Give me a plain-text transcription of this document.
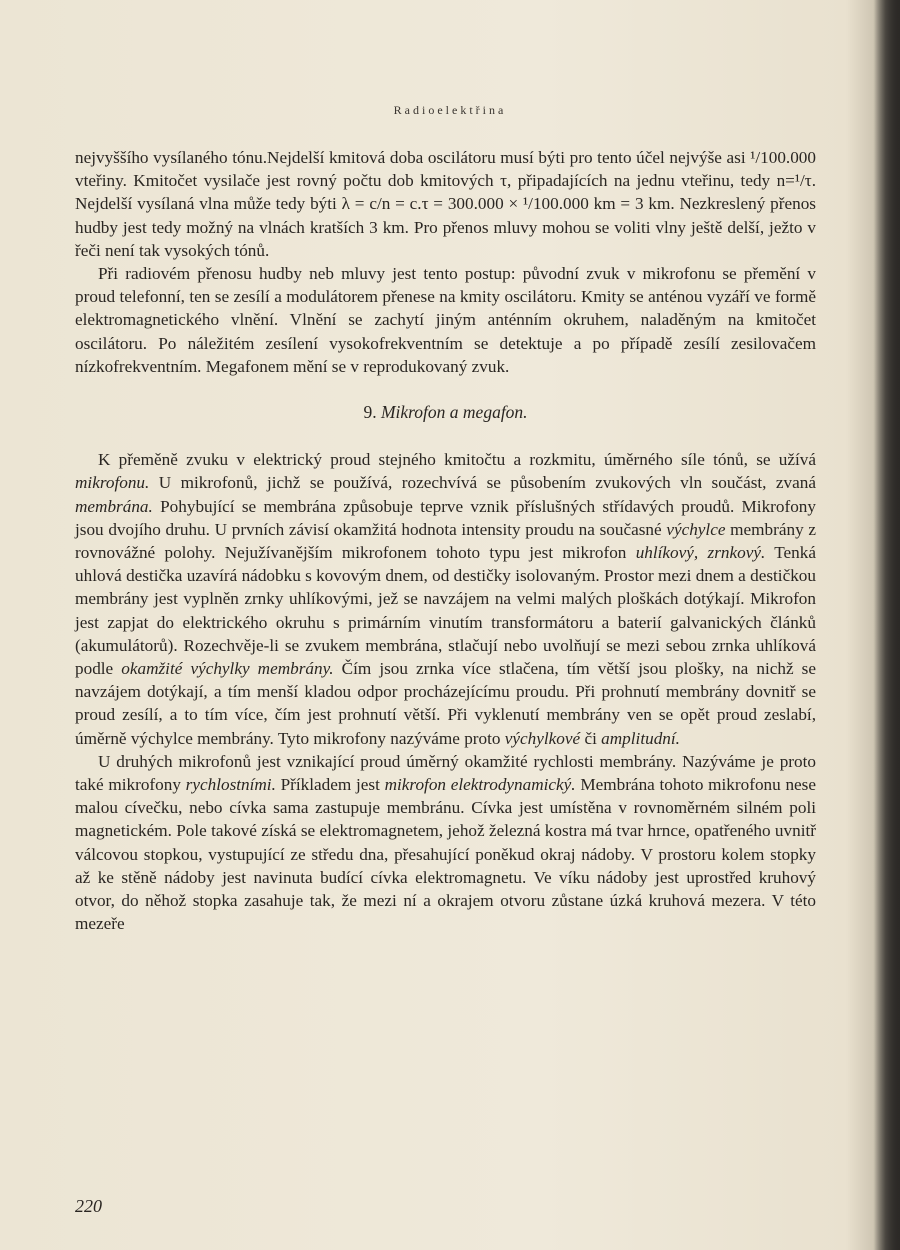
Radioelektřina

nejvyššího vysílaného tónu.Nejdelší kmitová doba oscilátoru musí býti pro tento účel nejvýše asi ¹/100.000 vteřiny. Kmitočet vysilače jest rovný počtu dob kmitových τ, připadajících na jednu vteřinu, tedy n=¹/τ. Nejdelší vysílaná vlna může tedy býti λ = c/n = c.τ = 300.000 × ¹/100.000 km = 3 km. Nezkreslený přenos hudby jest tedy možný na vlnách kratších 3 km. Pro přenos mluvy mohou se voliti vlny ještě delší, ježto v řeči není tak vysokých tónů.

Při radiovém přenosu hudby neb mluvy jest tento postup: původní zvuk v mikrofonu se přemění v proud telefonní, ten se zesílí a modulátorem přenese na kmity oscilátoru. Kmity se anténou vyzáří ve formě elektromagnetického vlnění. Vlnění se zachytí jiným anténním okruhem, naladěným na kmitočet oscilátoru. Po náležitém zesílení vysokofrekventním se detektuje a po případě zesílí zesilovačem nízkofrekventním. Megafonem mění se v reprodukovaný zvuk.

9. Mikrofon a megafon.

K přeměně zvuku v elektrický proud stejného kmitočtu a rozkmitu, úměrného síle tónů, se užívá mikrofonu. U mikrofonů, jichž se používá, rozechvívá se působením zvukových vln součást, zvaná membrána. Pohybující se membrána způsobuje teprve vznik příslušných střídavých proudů. Mikrofony jsou dvojího druhu. U prvních závisí okamžitá hodnota intensity proudu na současné výchylce membrány z rovnovážné polohy. Nejužívanějším mikrofonem tohoto typu jest mikrofon uhlíkový, zrnkový. Tenká uhlová destička uzavírá nádobku s kovovým dnem, od destičky isolovaným. Prostor mezi dnem a destičkou membrány jest vyplněn zrnky uhlíkovými, jež se navzájem na velmi malých ploškách dotýkají. Mikrofon jest zapjat do elektrického okruhu s primárním vinutím transformátoru a baterií galvanických článků (akumulátorů). Rozechvěje-li se zvukem membrána, stlačují nebo uvolňují se mezi sebou zrnka uhlíková podle okamžité výchylky membrány. Čím jsou zrnka více stlačena, tím větší jsou plošky, na nichž se navzájem dotýkají, a tím menší kladou odpor procházejícímu proudu. Při prohnutí membrány dovnitř se proud zesílí, a to tím více, čím jest prohnutí větší. Při vyklenutí membrány ven se opět proud zeslabí, úměrně výchylce membrány. Tyto mikrofony nazýváme proto výchylkové či amplitudní.

U druhých mikrofonů jest vznikající proud úměrný okamžité rychlosti membrány. Nazýváme je proto také mikrofony rychlostními. Příkladem jest mikrofon elektrodynamický. Membrána tohoto mikrofonu nese malou cívečku, nebo cívka sama zastupuje membránu. Cívka jest umístěna v rovnoměrném silném poli magnetickém. Pole takové získá se elektromagnetem, jehož železná kostra má tvar hrnce, opatřeného uvnitř válcovou stopkou, vystupující ze středu dna, přesahující poněkud okraj nádoby. V prostoru kolem stopky až ke stěně nádoby jest navinuta budící cívka elektromagnetu. Ve víku nádoby jest uprostřed kruhový otvor, do něhož stopka zasahuje tak, že mezi ní a okrajem otvoru zůstane úzká kruhová mezera. V této mezeře

220
